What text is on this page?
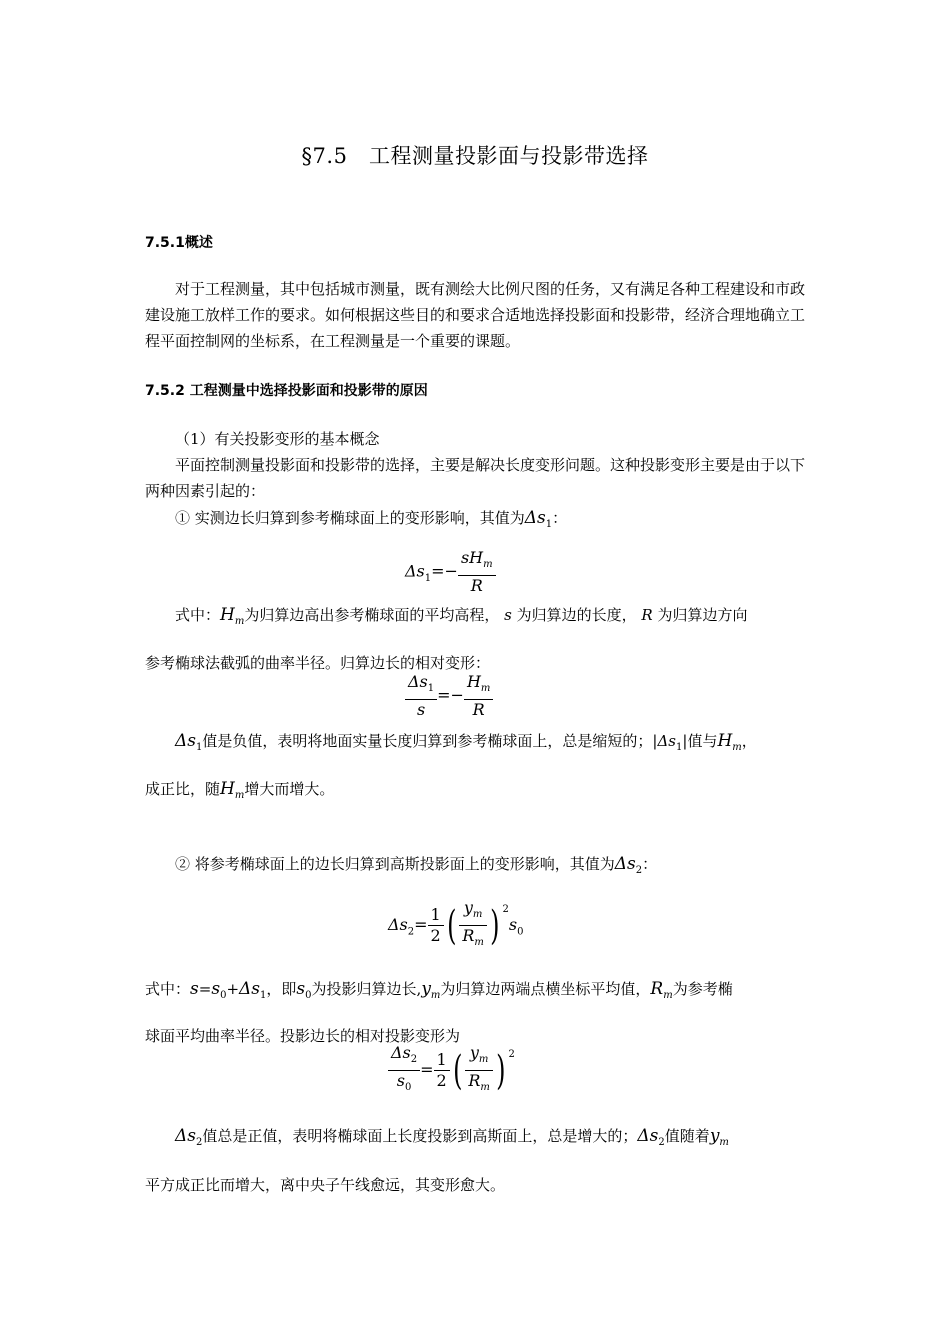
§7.5　工程测量投影面与投影带选择
7.5.1概述
对于工程测量，其中包括城市测量，既有测绘大比例尺图的任务，又有满足各种工程建设和市政建设施工放样工作的要求。如何根据这些目的和要求合适地选择投影面和投影带，经济合理地确立工程平面控制网的坐标系，在工程测量是一个重要的课题。
7.5.2 工程测量中选择投影面和投影带的原因
（1）有关投影变形的基本概念
平面控制测量投影面和投影带的选择，主要是解决长度变形问题。这种投影变形主要是由于以下两种因素引起的：
① 实测边长归算到参考椭球面上的变形影响，其值为$\Delta s_1$：
$\Delta s_1=- \frac{sH_m}{R}$
式中：$H_m$为归算边高出参考椭球面的平均高程， s 为归算边的长度， R 为归算边方向
参考椭球法截弧的曲率半径。归算边长的相对变形：
$\frac{\Delta s_1}{s} =- \frac{H_m}{R}$
$\Delta s_1$值是负值，表明将地面实量长度归算到参考椭球面上，总是缩短的；$|\Delta s_1|$值与$H_m$，
成正比，随$H_m$增大而增大。
② 将参考椭球面上的边长归算到高斯投影面上的变形影响，其值为$\Delta s_2$：
$\Delta s_2= \frac{1}{2}$ ( $\frac{y_m}{R_m}$ ) $^2s_0$
式中：$s=s_0+\Delta s_1$，即$s_0$为投影归算边长$,y_m$为归算边两端点横坐标平均值，$R_m$为参考椭
球面平均曲率半径。投影边长的相对投影变形为
$\frac{\Delta s_2}{s_0} = \frac{1}{2}$ ( $\frac{y_m}{R_m}$ ) $^2$
$\Delta s_2$值总是正值，表明将椭球面上长度投影到高斯面上，总是增大的；$\Delta s_2$值随着$y_m$
平方成正比而增大，离中央子午线愈远，其变形愈大。
